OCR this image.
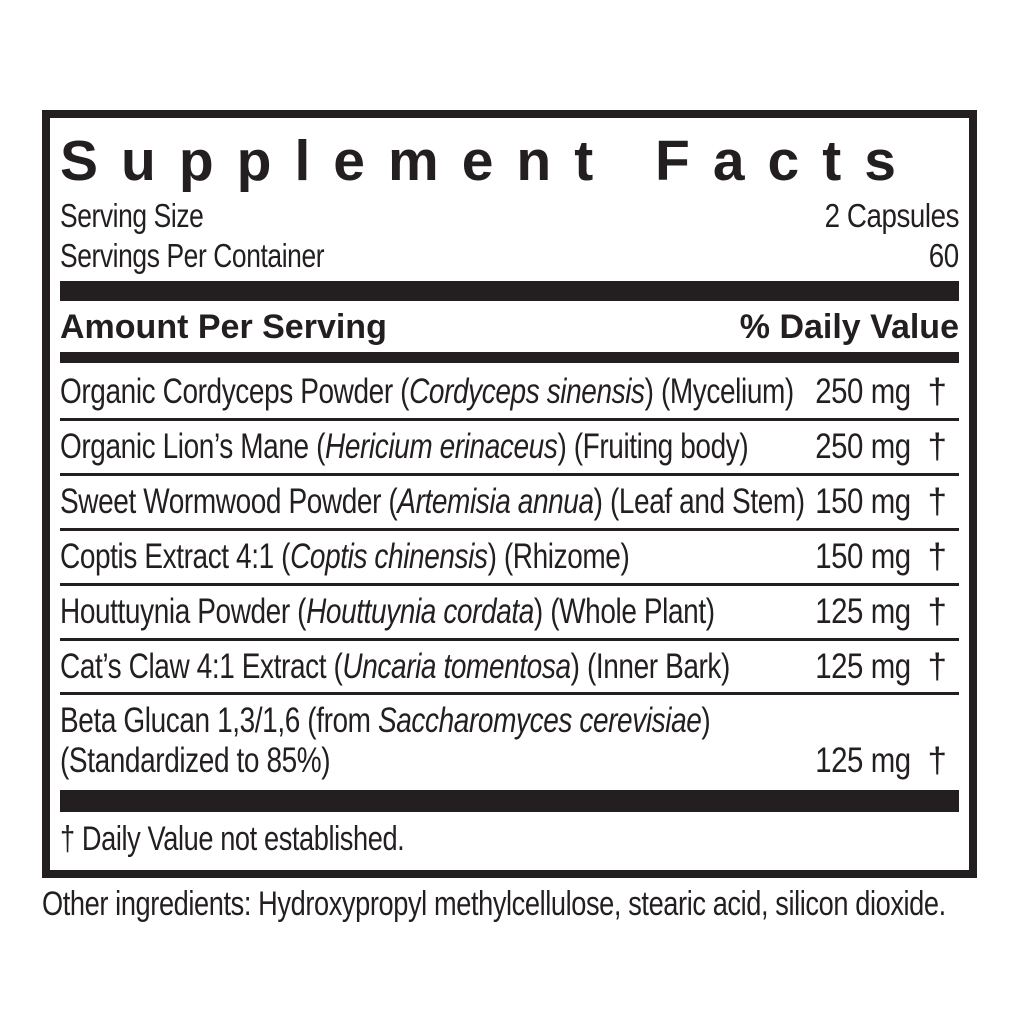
Supplement Facts
Serving Size	2 Capsules
Servings Per Container	60
Amount Per Serving	% Daily Value
Organic Cordyceps Powder (Cordyceps sinensis) (Mycelium) 250 mg †
Organic Lion’s Mane (Hericium erinaceus) (Fruiting body)	250 mg †
Sweet Wormwood Powder (Artemisia annua) (Leaf and Stem) 150 mg †
Coptis Extract 4:1 (Coptis chinensis) (Rhizome)	150 mg †
Houttuynia Powder (Houttuynia cordata) (Whole Plant)	125 mg †
Cat’s Claw 4:1 Extract (Uncaria tomentosa) (Inner Bark)	125 mg †
Beta Glucan 1,3/1,6 (from Saccharomyces cerevisiae)
(Standardized to 85%)	125 mg †
† Daily Value not established.
Other ingredients: Hydroxypropyl methylcellulose, stearic acid, silicon dioxide.
